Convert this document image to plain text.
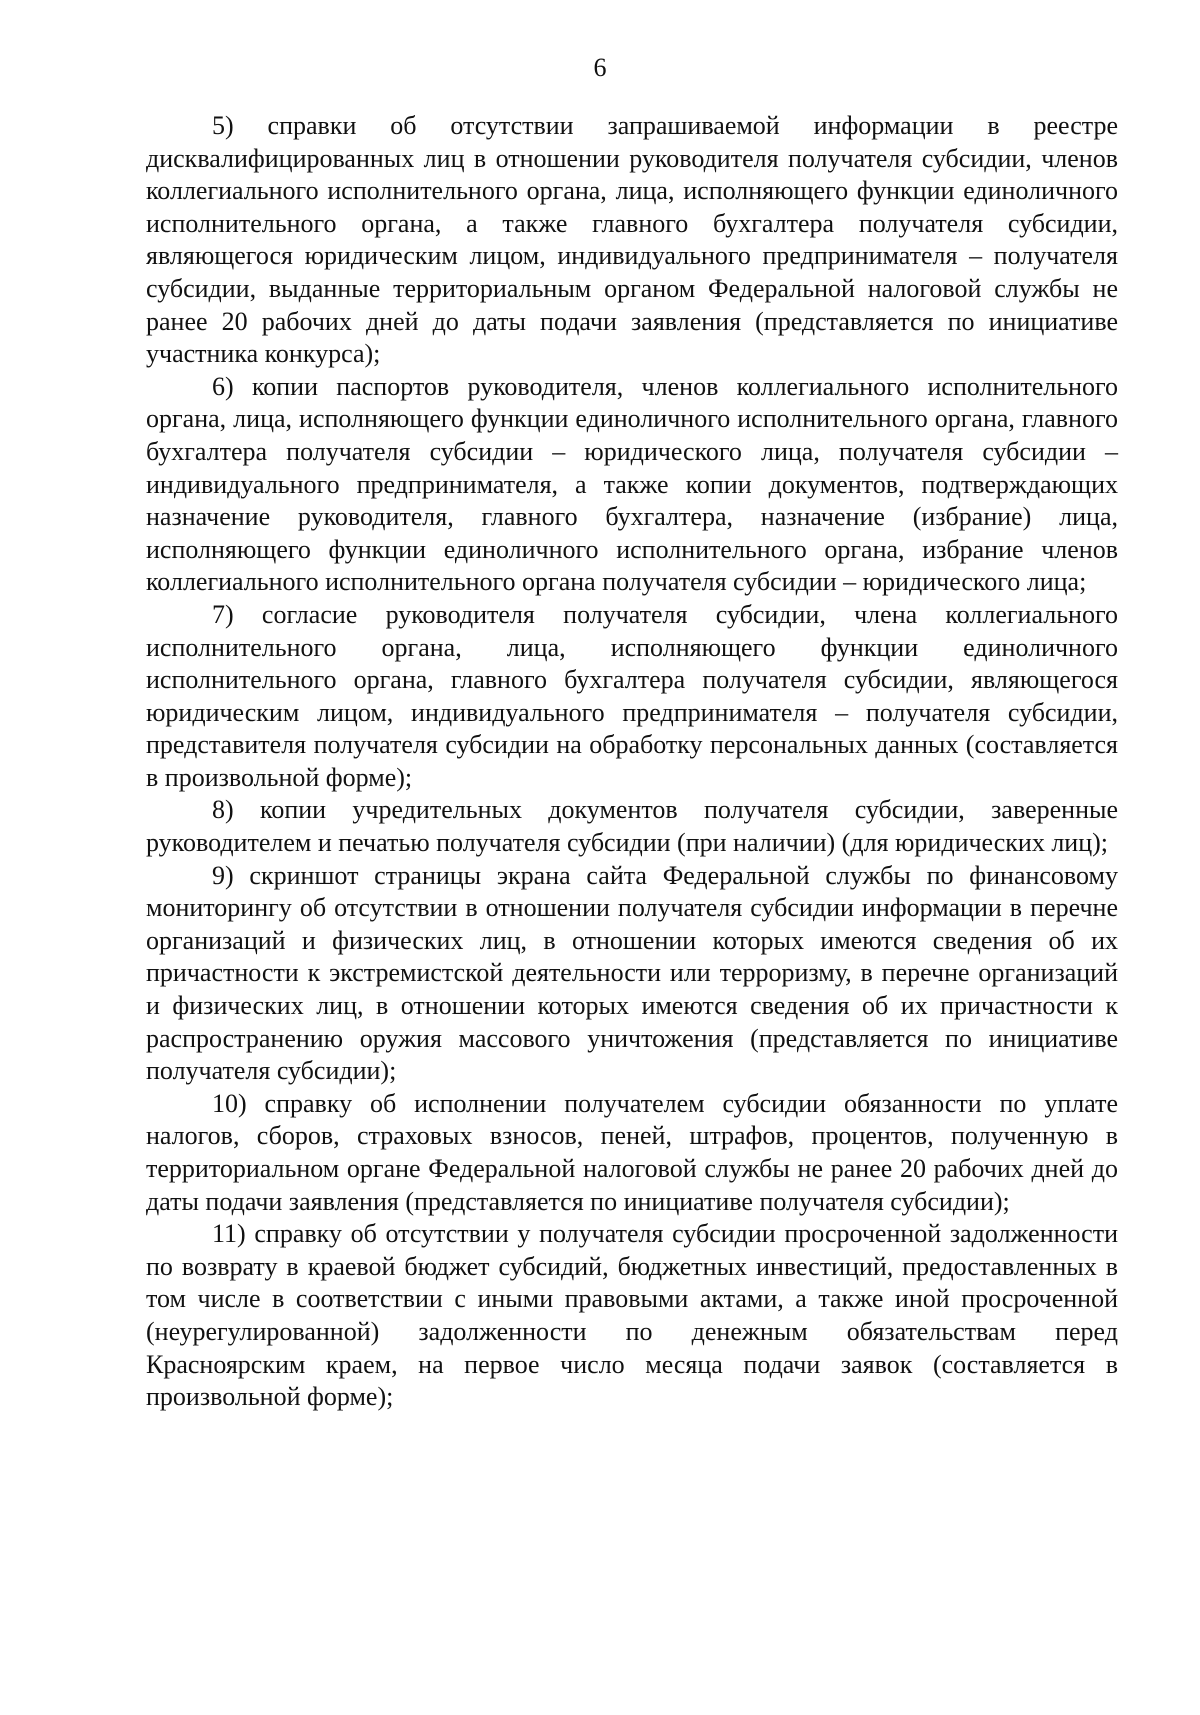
6

5) справки об отсутствии запрашиваемой информации в реестре дисквалифицированных лиц в отношении руководителя получателя субсидии, членов коллегиального исполнительного органа, лица, исполняющего функции единоличного исполнительного органа, а также главного бухгалтера получателя субсидии, являющегося юридическим лицом, индивидуального предпринимателя – получателя субсидии, выданные территориальным органом Федеральной налоговой службы не ранее 20 рабочих дней до даты подачи заявления (представляется по инициативе участника конкурса);

6) копии паспортов руководителя, членов коллегиального исполнительного органа, лица, исполняющего функции единоличного исполнительного органа, главного бухгалтера получателя субсидии – юридического лица, получателя субсидии – индивидуального предпринимателя, а также копии документов, подтверждающих назначение руководителя, главного бухгалтера, назначение (избрание) лица, исполняющего функции единоличного исполнительного органа, избрание членов коллегиального исполнительного органа получателя субсидии – юридического лица;

7) согласие руководителя получателя субсидии, члена коллегиального исполнительного органа, лица, исполняющего функции единоличного исполнительного органа, главного бухгалтера получателя субсидии, являющегося юридическим лицом, индивидуального предпринимателя – получателя субсидии, представителя получателя субсидии на обработку персональных данных (составляется в произвольной форме);

8) копии учредительных документов получателя субсидии, заверенные руководителем и печатью получателя субсидии (при наличии) (для юридических лиц);

9) скриншот страницы экрана сайта Федеральной службы по финансовому мониторингу об отсутствии в отношении получателя субсидии информации в перечне организаций и физических лиц, в отношении которых имеются сведения об их причастности к экстремистской деятельности или терроризму, в перечне организаций и физических лиц, в отношении которых имеются сведения об их причастности к распространению оружия массового уничтожения (представляется по инициативе получателя субсидии);

10) справку об исполнении получателем субсидии обязанности по уплате налогов, сборов, страховых взносов, пеней, штрафов, процентов, полученную в территориальном органе Федеральной налоговой службы не ранее 20 рабочих дней до даты подачи заявления (представляется по инициативе получателя субсидии);

11) справку об отсутствии у получателя субсидии просроченной задолженности по возврату в краевой бюджет субсидий, бюджетных инвестиций, предоставленных в том числе в соответствии с иными правовыми актами, а также иной просроченной (неурегулированной) задолженности по денежным обязательствам перед Красноярским краем, на первое число месяца подачи заявок (составляется в произвольной форме);
